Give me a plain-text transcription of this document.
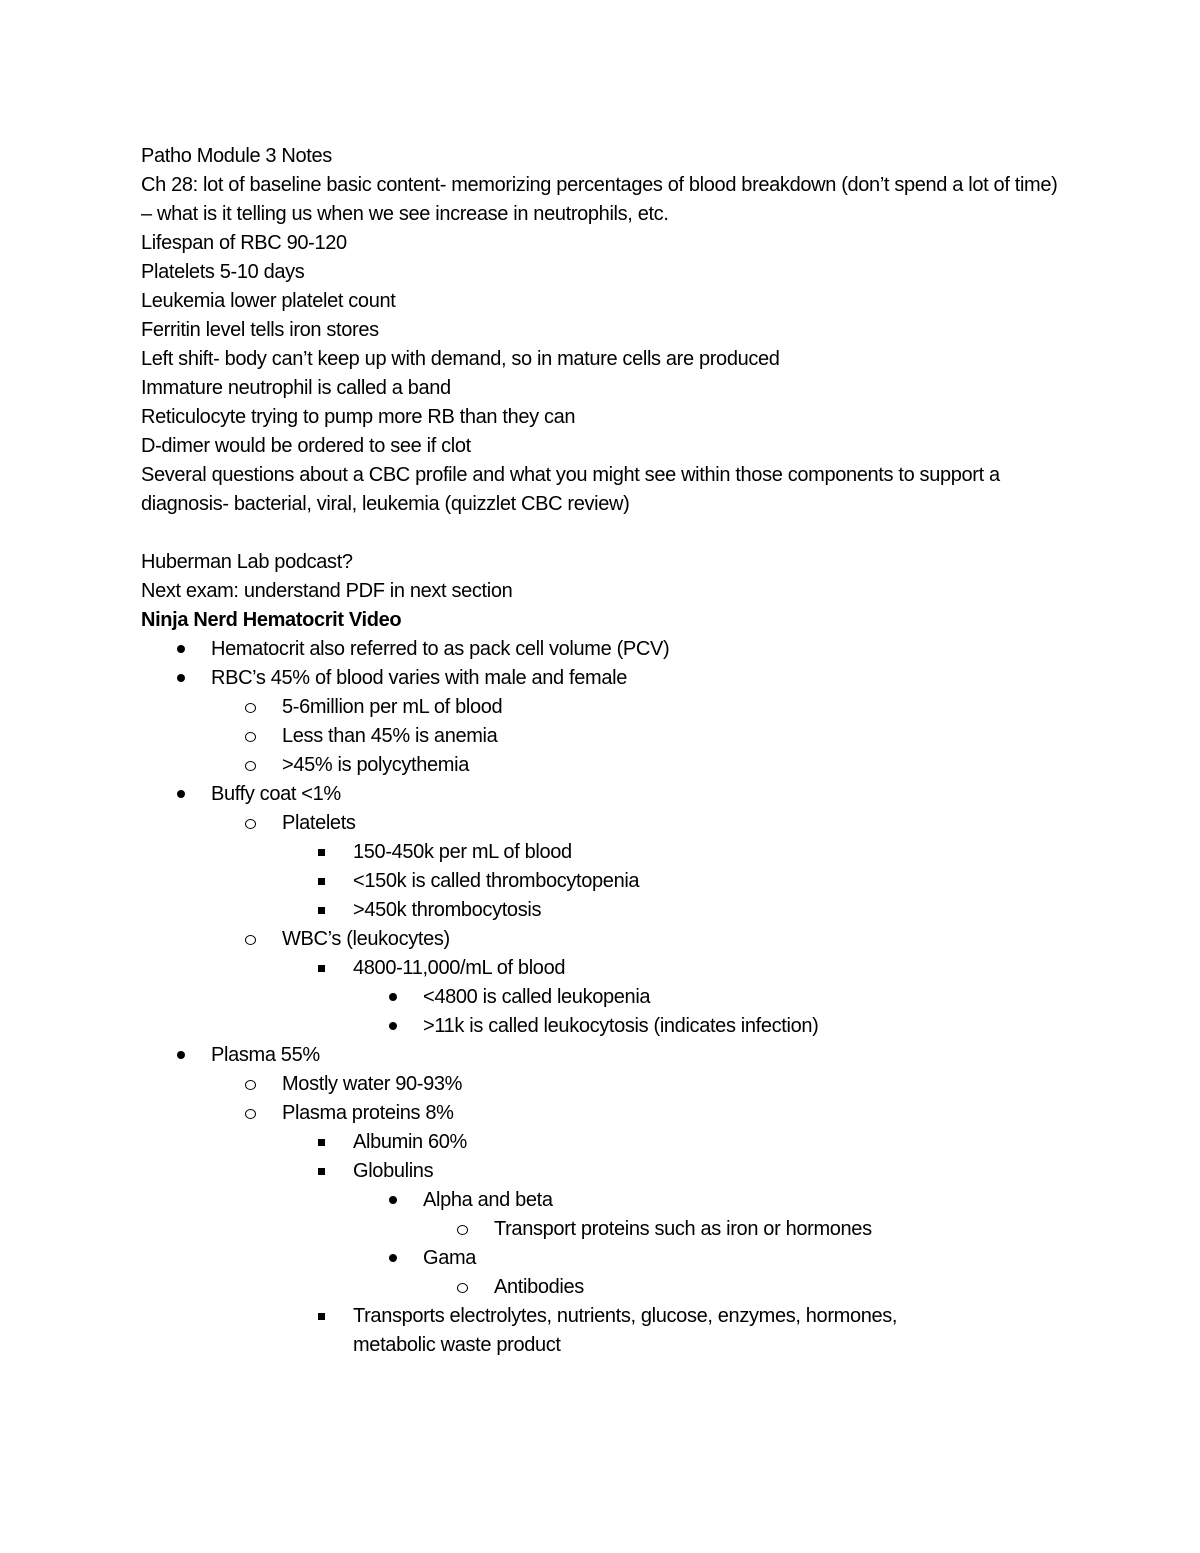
Patho Module 3 Notes

Ch 28: lot of baseline basic content- memorizing percentages of blood breakdown (don’t spend a lot of time) – what is it telling us when we see increase in neutrophils, etc.

Lifespan of RBC 90-120

Platelets 5-10 days

Leukemia lower platelet count

Ferritin level tells iron stores

Left shift- body can’t keep up with demand, so in mature cells are produced

Immature neutrophil is called a band

Reticulocyte trying to pump more RB than they can

D-dimer would be ordered to see if clot

Several questions about a CBC profile and what you might see within those components to support a diagnosis- bacterial, viral, leukemia (quizzlet CBC review)

Huberman Lab podcast?

Next exam: understand PDF in next section

Ninja Nerd Hematocrit Video

Hematocrit also referred to as pack cell volume (PCV)
RBC’s 45% of blood varies with male and female
5-6million per mL of blood
Less than 45% is anemia
>45% is polycythemia
Buffy coat <1%
Platelets
150-450k per mL of blood
<150k is called thrombocytopenia
>450k thrombocytosis
WBC’s (leukocytes)
4800-11,000/mL of blood
<4800 is called leukopenia
>11k is called leukocytosis (indicates infection)
Plasma 55%
Mostly water 90-93%
Plasma proteins 8%
Albumin 60%
Globulins
Alpha and beta
Transport proteins such as iron or hormones
Gama
Antibodies
Transports electrolytes, nutrients, glucose, enzymes, hormones, metabolic waste product
